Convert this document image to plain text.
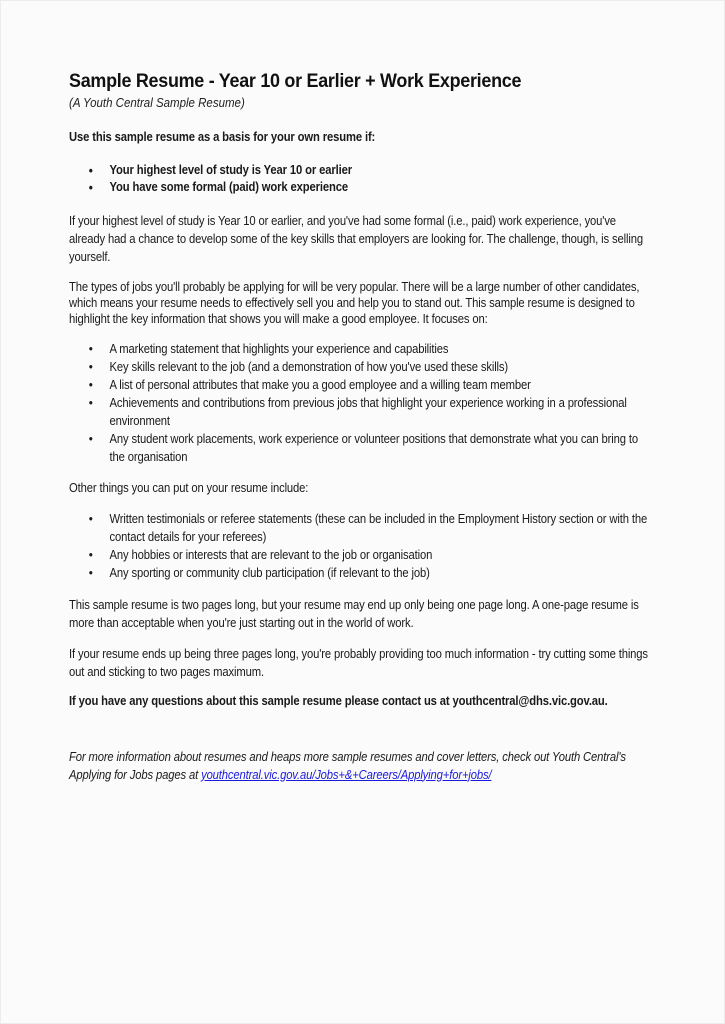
Sample Resume - Year 10 or Earlier + Work Experience
(A Youth Central Sample Resume)

Use this sample resume as a basis for your own resume if:

• Your highest level of study is Year 10 or earlier
• You have some formal (paid) work experience

If your highest level of study is Year 10 or earlier, and you've had some formal (i.e., paid) work experience, you've already had a chance to develop some of the key skills that employers are looking for. The challenge, though, is selling yourself.

The types of jobs you'll probably be applying for will be very popular. There will be a large number of other candidates, which means your resume needs to effectively sell you and help you to stand out. This sample resume is designed to highlight the key information that shows you will make a good employee. It focuses on:

• A marketing statement that highlights your experience and capabilities
• Key skills relevant to the job (and a demonstration of how you've used these skills)
• A list of personal attributes that make you a good employee and a willing team member
• Achievements and contributions from previous jobs that highlight your experience working in a professional environment
• Any student work placements, work experience or volunteer positions that demonstrate what you can bring to the organisation

Other things you can put on your resume include:

• Written testimonials or referee statements (these can be included in the Employment History section or with the contact details for your referees)
• Any hobbies or interests that are relevant to the job or organisation
• Any sporting or community club participation (if relevant to the job)

This sample resume is two pages long, but your resume may end up only being one page long. A one-page resume is more than acceptable when you're just starting out in the world of work.

If your resume ends up being three pages long, you're probably providing too much information - try cutting some things out and sticking to two pages maximum.

If you have any questions about this sample resume please contact us at youthcentral@dhs.vic.gov.au.

For more information about resumes and heaps more sample resumes and cover letters, check out Youth Central's Applying for Jobs pages at youthcentral.vic.gov.au/Jobs+&+Careers/Applying+for+jobs/
